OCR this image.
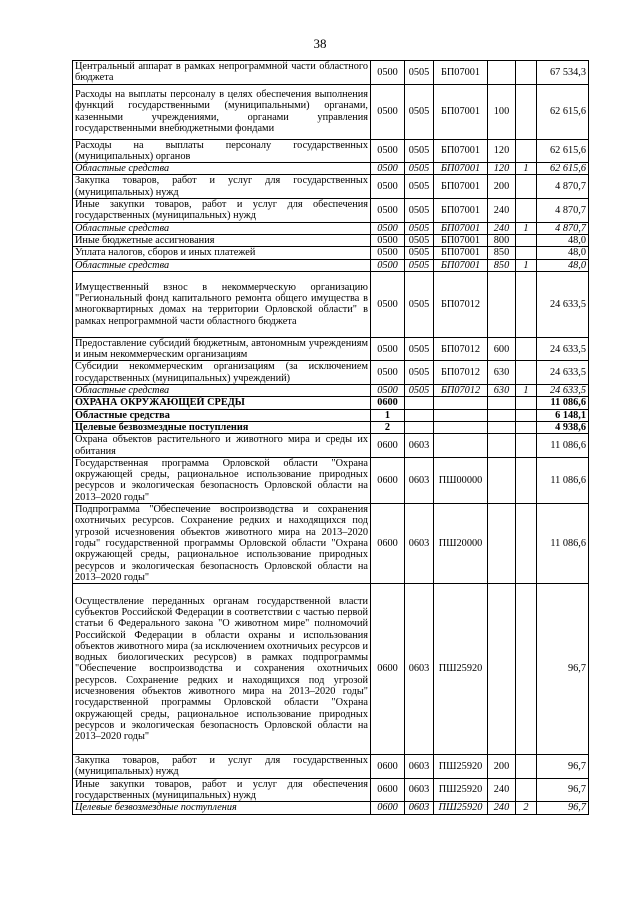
38
Центральный аппарат в рамках непрограммной части областного бюджета	0500	0505	БП07001			67 534,3
Расходы на выплаты персоналу в целях обеспечения выполнения функций государственными (муниципальными) органами, казенными учреждениями, органами управления государственными внебюджетными фондами	0500	0505	БП07001	100		62 615,6
Расходы на выплаты персоналу государственных (муниципальных) органов	0500	0505	БП07001	120		62 615,6
Областные средства	0500	0505	БП07001	120	1	62 615,6
Закупка товаров, работ и услуг для государственных (муниципальных) нужд	0500	0505	БП07001	200		4 870,7
Иные закупки товаров, работ и услуг для обеспечения государственных (муниципальных) нужд	0500	0505	БП07001	240		4 870,7
Областные средства	0500	0505	БП07001	240	1	4 870,7
Иные бюджетные ассигнования	0500	0505	БП07001	800		48,0
Уплата налогов, сборов и иных платежей	0500	0505	БП07001	850		48,0
Областные средства	0500	0505	БП07001	850	1	48,0
Имущественный взнос в некоммерческую организацию "Региональный фонд капитального ремонта общего имущества в многоквартирных домах на территории Орловской области" в рамках непрограммной части областного бюджета	0500	0505	БП07012			24 633,5
Предоставление субсидий бюджетным, автономным учреждениям и иным некоммерческим организациям	0500	0505	БП07012	600		24 633,5
Субсидии некоммерческим организациям (за исключением государственных (муниципальных) учреждений)	0500	0505	БП07012	630		24 633,5
Областные средства	0500	0505	БП07012	630	1	24 633,5
ОХРАНА ОКРУЖАЮЩЕЙ СРЕДЫ	0600					11 086,6
Областные средства	1					6 148,1
Целевые безвозмездные поступления	2					4 938,6
Охрана объектов растительного и животного мира и среды их обитания	0600	0603				11 086,6
Государственная программа Орловской области "Охрана окружающей среды, рациональное использование природных ресурсов и экологическая безопасность Орловской области на 2013–2020 годы"	0600	0603	ПШ00000			11 086,6
Подпрограмма "Обеспечение воспроизводства и сохранения охотничьих ресурсов. Сохранение редких и находящихся под угрозой исчезновения объектов животного мира на 2013–2020 годы" государственной программы Орловской области "Охрана окружающей среды, рациональное использование природных ресурсов и экологическая безопасность Орловской области на 2013–2020 годы"	0600	0603	ПШ20000			11 086,6
Осуществление переданных органам государственной власти субъектов Российской Федерации в соответствии с частью первой статьи 6 Федерального закона "О животном мире" полномочий Российской Федерации в области охраны и использования объектов животного мира (за исключением охотничьих ресурсов и водных биологических ресурсов) в рамках подпрограммы "Обеспечение воспроизводства и сохранения охотничьих ресурсов. Сохранение редких и находящихся под угрозой исчезновения объектов животного мира на 2013–2020 годы" государственной программы Орловской области "Охрана окружающей среды, рациональное использование природных ресурсов и экологическая безопасность Орловской области на 2013–2020 годы"	0600	0603	ПШ25920			96,7
Закупка товаров, работ и услуг для государственных (муниципальных) нужд	0600	0603	ПШ25920	200		96,7
Иные закупки товаров, работ и услуг для обеспечения государственных (муниципальных) нужд	0600	0603	ПШ25920	240		96,7
Целевые безвозмездные поступления	0600	0603	ПШ25920	240	2	96,7
